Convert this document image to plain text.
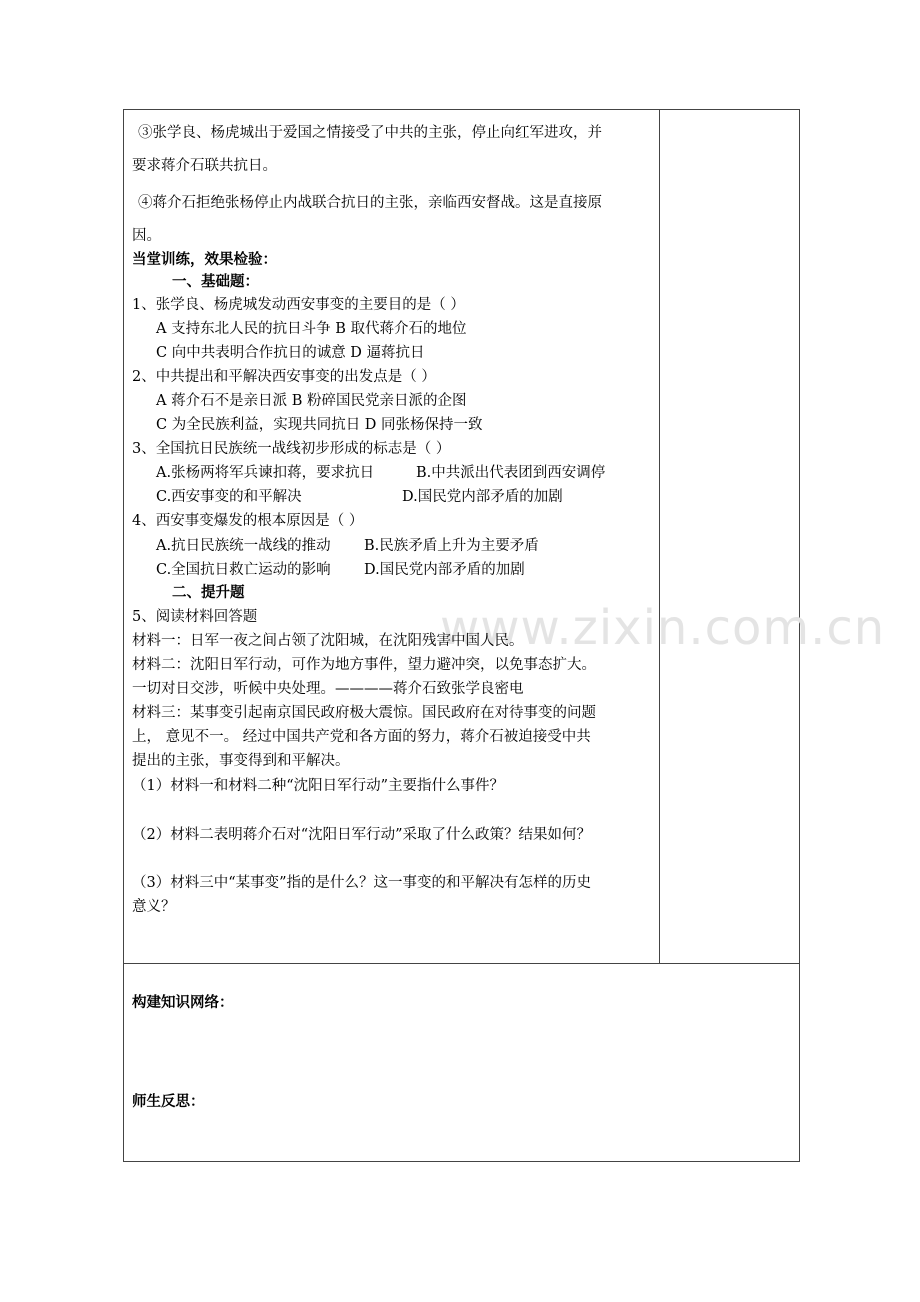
www.zixin.com.cn
③张学良、杨虎城出于爱国之情接受了中共的主张，停止向红军进攻，并
要求蒋介石联共抗日。
④蒋介石拒绝张杨停止内战联合抗日的主张，亲临西安督战。这是直接原
因。
当堂训练，效果检验：
一、基础题：
1、张学良、杨虎城发动西安事变的主要目的是（ ）
A 支持东北人民的抗日斗争 B 取代蒋介石的地位
C 向中共表明合作抗日的诚意 D 逼蒋抗日
2、中共提出和平解决西安事变的出发点是（ ）
A 蒋介石不是亲日派 B 粉碎国民党亲日派的企图
C 为全民族利益，实现共同抗日 D 同张杨保持一致
3、全国抗日民族统一战线初步形成的标志是（ ）
A.张杨两将军兵谏扣蒋，要求抗日	B.中共派出代表团到西安调停
C.西安事变的和平解决	D.国民党内部矛盾的加剧
4、西安事变爆发的根本原因是（ ）
A.抗日民族统一战线的推动 B.民族矛盾上升为主要矛盾
C.全国抗日救亡运动的影响 D.国民党内部矛盾的加剧
二、提升题
5、阅读材料回答题
材料一：日军一夜之间占领了沈阳城，在沈阳残害中国人民。
材料二：沈阳日军行动，可作为地方事件，望力避冲突，以免事态扩大。
一切对日交涉，听候中央处理。————蒋介石致张学良密电
材料三：某事变引起南京国民政府极大震惊。国民政府在对待事变的问题
上， 意见不一。 经过中国共产党和各方面的努力，蒋介石被迫接受中共
提出的主张，事变得到和平解决。
（1）材料一和材料二种“沈阳日军行动”主要指什么事件？
（2）材料二表明蒋介石对“沈阳日军行动”采取了什么政策？结果如何？
（3）材料三中“某事变”指的是什么？这一事变的和平解决有怎样的历史
意义？
构建知识网络：
师生反思：
